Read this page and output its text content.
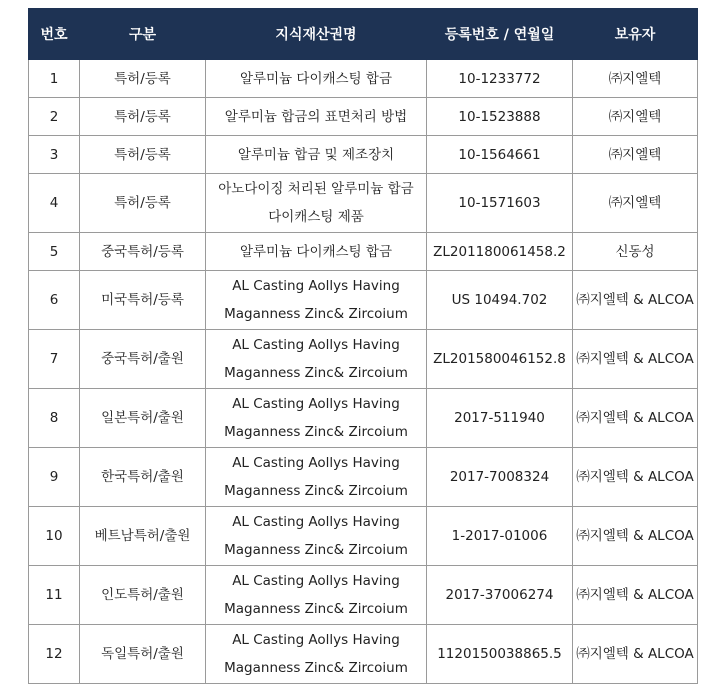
번호	구분	지식재산권명	등록번호 / 연월일	보유자
1	특허/등록	알루미늄 다이캐스팅 합금	10-1233772	㈜지엘텍
2	특허/등록	알루미늄 합금의 표면처리 방법	10-1523888	㈜지엘텍
3	특허/등록	알루미늄 합금 및 제조장치	10-1564661	㈜지엘텍
4	특허/등록	아노다이징 처리된 알루미늄 합금
다이캐스팅 제품	10-1571603	㈜지엘텍
5	중국특허/등록	알루미늄 다이캐스팅 합금	ZL201180061458.2	신동성
6	미국특허/등록	AL Casting Aollys Having
Maganness Zinc& Zircoium	US 10494.702	㈜지엘텍 & ALCOA
7	중국특허/출원	AL Casting Aollys Having
Maganness Zinc& Zircoium	ZL201580046152.8	㈜지엘텍 & ALCOA
8	일본특허/출원	AL Casting Aollys Having
Maganness Zinc& Zircoium	2017-511940	㈜지엘텍 & ALCOA
9	한국특허/출원	AL Casting Aollys Having
Maganness Zinc& Zircoium	2017-7008324	㈜지엘텍 & ALCOA
10	베트남특허/출원	AL Casting Aollys Having
Maganness Zinc& Zircoium	1-2017-01006	㈜지엘텍 & ALCOA
11	인도특허/출원	AL Casting Aollys Having
Maganness Zinc& Zircoium	2017-37006274	㈜지엘텍 & ALCOA
12	독일특허/출원	AL Casting Aollys Having
Maganness Zinc& Zircoium	1120150038865.5	㈜지엘텍 & ALCOA
